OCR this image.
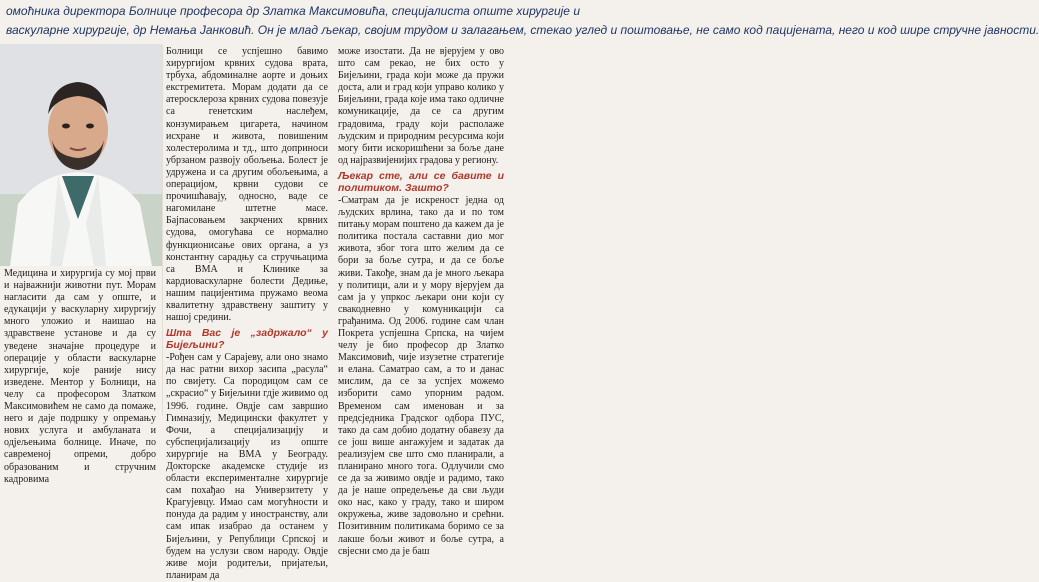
омоћника директора Болнице професора др Златка Максимовића, специјалиста опште хирургије и
васкуларне хирургије, др Немања Јанковић. Он је млад љекар, својим трудом и залагањем, стекао углед и поштовање, не само код пацијената, него и код шире стручне јавности.

Медицина и хирургија су мој први и најважнији животни пут. Морам нагласити да сам у опште, и едукацији у васкуларну хирургију много уложио и наишао на здравствене установе и да су уведене значајне процедуре и операције у области васкуларне хирургије, које раније нису изведене. Ментор у Болници, на челу са професором Златком Максимовићем не само да помаже, него и даје подршку у опремању нових услуга и амбуланата и одјељењима болнице. Иначе, по савременој опреми, добро образованим и стручним кадровима

Болници се успјешно бавимо хирургијом крвних судова врата, трбуха, абдоминалне аорте и доњих екстремитета. Морам додати да се атеросклероза крвних судова повезује са генетским наслеђем, конзумирањем цигарета, начином исхране и живота, повишеним холестеролима и тд., што доприноси убрзаном развоју обољења. Болест је удружена и са другим обољењима, а операцијом, крвни судови се прочишћавају, односно, ваде се нагомилане штетне масе. Бајпасовањем закрчених крвних судова, омогућава се нормално функционисање ових органа, а уз константну сарадњу са стручњацима са ВМА и Клинике за кардиоваскуларне болести Дедиње, нашим пацијентима пружамо веома квалитетну здравствену заштиту у нашој средини.

Шта Вас је „задржало“ у Бијељини?

-Рођен сам у Сарајеву, али оно знамо да нас ратни вихор засипа „расула“ по свијету. Са породицом сам се „скрасио“ у Бијељини гдје живимо од 1996. године. Овдје сам завршио Гимназију, Медицински факултет у Фочи, а специјализацију и субспецијализацију из опште хирургије на ВМА у Београду. Докторске академске студије из области експерименталне хирургије сам похађао на Универзитету у Крагујевцу. Имао сам могућности и понуда да радим у иностранству, али сам ипак изабрао да останем у Бијељини, у Републици Српској и будем на услузи свом народу. Овдје живе моји родитељи, пријатељи, планирам да

може изостати. Да не вјерујем у ово што сам рекао, не бих осто у Бијељини, града који може да пружи доста, али и град који управо колико у Бијељини, града које има тако одличне комуникације, да се са другим градовима, граду који располаже људским и природним ресурсима који могу бити искоришћени за боље дане од најразвијенијих градова у региону.

Љекар сте, али се бавите и политиком. Зашто?

-Сматрам да је искреност једна од људских врлина, тако да и по том питању морам поштено да кажем да је политика постала саставни дио мог живота, због тога што желим да се бори за боље сутра, и да се боље живи. Такође, знам да је много љекара у политици, али и у мору вјерујем да сам ја у упркос љекари они који су свакодневно у комуникацији са грађанима. Од 2006. године сам члан Покрета успјешна Српска, на чијем челу је био професор др Златко Максимовић, чије изузетне стратегије и елана. Саматрао сам, а то и данас мислим, да се за успјех можемо изборити само упорним радом. Временом сам именован и за предсједника Градског одбора ПУС, тако да сам добио додатну обавезу да се још више ангажујем и задатак да реализујем све што смо планирали, а планирано много тога. Одлучили смо се да за живимо овдје и радимо, тако да је наше опредељење да сви људи око нас, како у граду, тако и широм окружења, живе задовољно и срећни. Позитивним политикама боримо се за лакше бољи живот и боље сутра, а свјесни смо да је баш
